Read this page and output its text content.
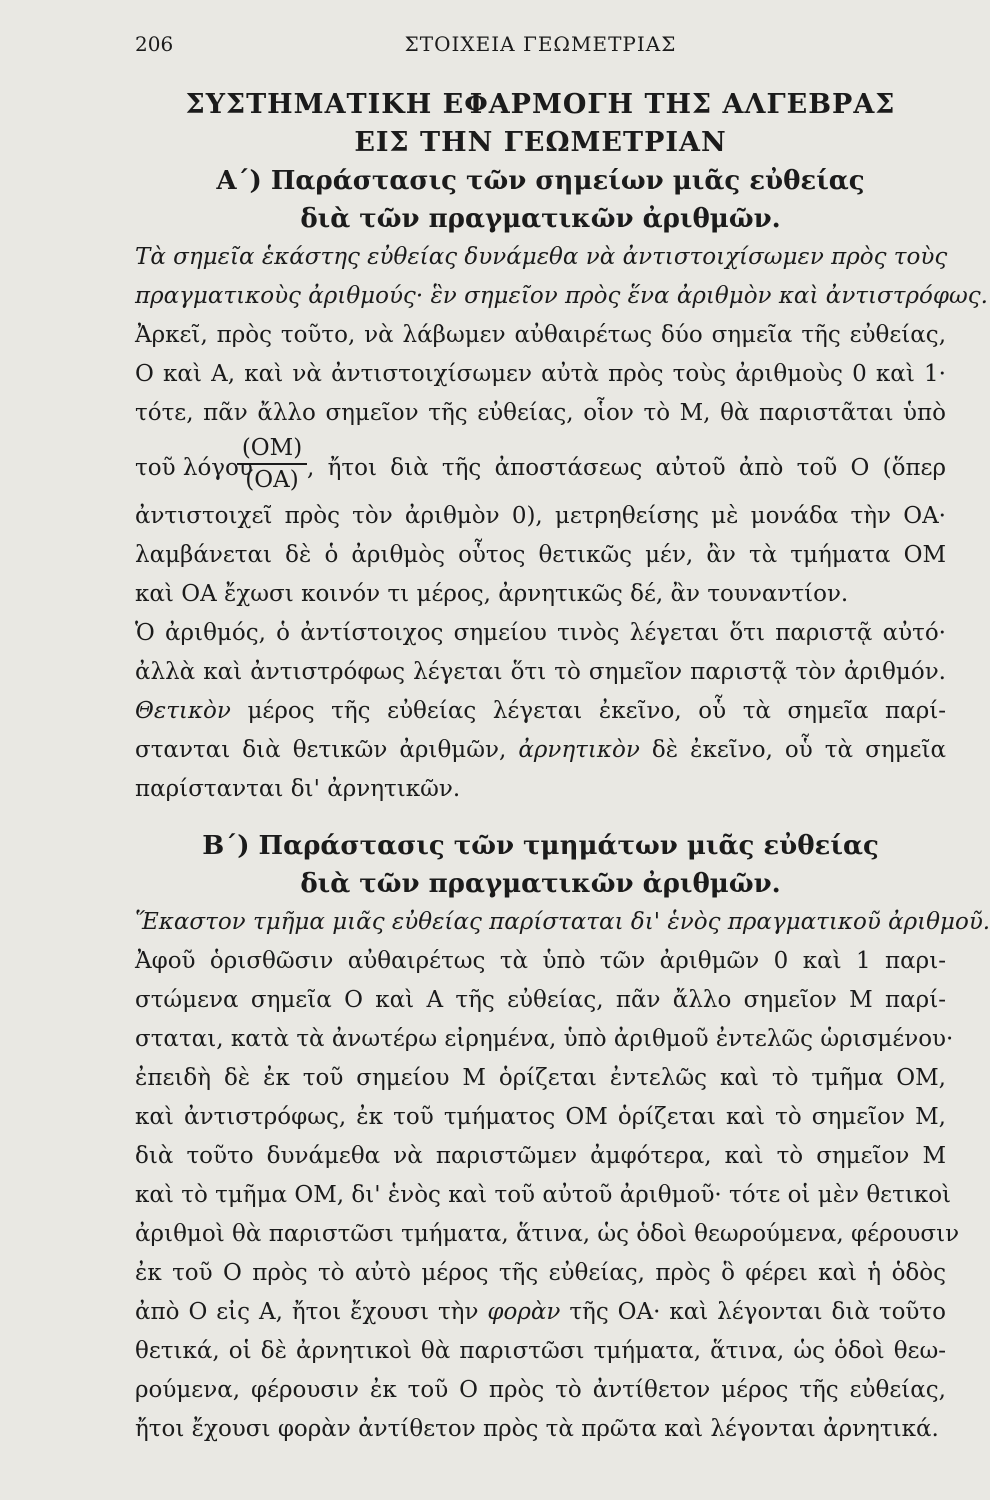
206	ΣΤΟΙΧΕΙΑ ΓΕΩΜΕΤΡΙΑΣ
ΣΥΣΤΗΜΑΤΙΚΗ ΕΦΑΡΜΟΓΗ ΤΗΣ ΑΛΓΕΒΡΑΣ
ΕΙΣ ΤΗΝ ΓΕΩΜΕΤΡΙΑΝ
Α΄) Παράστασις τῶν σημείων μιᾶς εὐθείας
διὰ τῶν πραγματικῶν ἀριθμῶν.
Τὰ σημεῖα ἑκάστης εὐθείας δυνάμεθα νὰ ἀντιστοιχίσωμεν πρὸς τοὺς
πραγματικοὺς ἀριθμούς· ἓν σημεῖον πρὸς ἕνα ἀριθμὸν καὶ ἀντιστρόφως.
Ἀρκεῖ, πρὸς τοῦτο, νὰ λάβωμεν αὐθαιρέτως δύο σημεῖα τῆς εὐθείας,
Ο καὶ Α, καὶ νὰ ἀντιστοιχίσωμεν αὐτὰ πρὸς τοὺς ἀριθμοὺς 0 καὶ 1·
τότε, πᾶν ἄλλο σημεῖον τῆς εὐθείας, οἷον τὸ Μ, θὰ παριστᾶται ὑπὸ
τοῦ λόγου
$\frac{(OM)}{(OA)}$ , ἤτοι διὰ τῆς ἀποστάσεως αὐτοῦ ἀπὸ τοῦ Ο (ὅπερ
ἀντιστοιχεῖ πρὸς τὸν ἀριθμὸν 0), μετρηθείσης μὲ μονάδα τὴν ΟΑ·
λαμβάνεται δὲ ὁ ἀριθμὸς οὗτος θετικῶς μέν, ἂν τὰ τμήματα ΟΜ
καὶ ΟΑ ἔχωσι κοινόν τι μέρος, ἀρνητικῶς δέ, ἂν τουναντίον.
Ὁ ἀριθμός, ὁ ἀντίστοιχος σημείου τινὸς λέγεται ὅτι παριστᾷ αὐτό·
ἀλλὰ καὶ ἀντιστρόφως λέγεται ὅτι τὸ σημεῖον παριστᾷ τὸν ἀριθμόν.
Θετικὸν μέρος τῆς εὐθείας λέγεται ἐκεῖνο, οὗ τὰ σημεῖα παρί-
στανται διὰ θετικῶν ἀριθμῶν, ἀρνητικὸν δὲ ἐκεῖνο, οὗ τὰ σημεῖα
παρίστανται δι' ἀρνητικῶν.
Β΄) Παράστασις τῶν τμημάτων μιᾶς εὐθείας
διὰ τῶν πραγματικῶν ἀριθμῶν.
Ἕκαστον τμῆμα μιᾶς εὐθείας παρίσταται δι' ἑνὸς πραγματικοῦ ἀριθμοῦ.
Ἀφοῦ ὁρισθῶσιν αὐθαιρέτως τὰ ὑπὸ τῶν ἀριθμῶν 0 καὶ 1 παρι-
στώμενα σημεῖα Ο καὶ Α τῆς εὐθείας, πᾶν ἄλλο σημεῖον Μ παρί-
σταται, κατὰ τὰ ἀνωτέρω εἰρημένα, ὑπὸ ἀριθμοῦ ἐντελῶς ὡρισμένου·
ἐπειδὴ δὲ ἐκ τοῦ σημείου Μ ὁρίζεται ἐντελῶς καὶ τὸ τμῆμα ΟΜ,
καὶ ἀντιστρόφως, ἐκ τοῦ τμήματος ΟΜ ὁρίζεται καὶ τὸ σημεῖον Μ,
διὰ τοῦτο δυνάμεθα νὰ παριστῶμεν ἀμφότερα, καὶ τὸ σημεῖον Μ
καὶ τὸ τμῆμα ΟΜ, δι' ἑνὸς καὶ τοῦ αὐτοῦ ἀριθμοῦ· τότε οἱ μὲν θετικοὶ
ἀριθμοὶ θὰ παριστῶσι τμήματα, ἅτινα, ὡς ὁδοὶ θεωρούμενα, φέρουσιν
ἐκ τοῦ Ο πρὸς τὸ αὐτὸ μέρος τῆς εὐθείας, πρὸς ὃ φέρει καὶ ἡ ὁδὸς
ἀπὸ Ο εἰς Α, ἤτοι ἔχουσι τὴν φορὰν τῆς ΟΑ· καὶ λέγονται διὰ τοῦτο
θετικά, οἱ δὲ ἀρνητικοὶ θὰ παριστῶσι τμήματα, ἅτινα, ὡς ὁδοὶ θεω-
ρούμενα, φέρουσιν ἐκ τοῦ Ο πρὸς τὸ ἀντίθετον μέρος τῆς εὐθείας,
ἤτοι ἔχουσι φορὰν ἀντίθετον πρὸς τὰ πρῶτα καὶ λέγονται ἀρνητικά.
